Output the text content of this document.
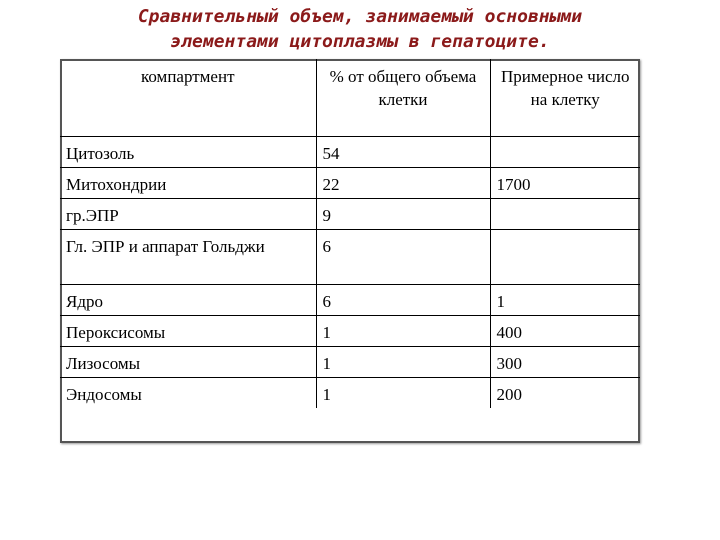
Сравнительный объем, занимаемый основными
элементами цитоплазмы в гепатоците.
компартмент	% от общего объема клетки	Примерное число на клетку
Цитозоль	54	
Митохондрии	22	1700
гр.ЭПР	9	
Гл. ЭПР и аппарат Гольджи	6	
Ядро	6	1
Пероксисомы	1	400
Лизосомы	1	300
Эндосомы	1	200
